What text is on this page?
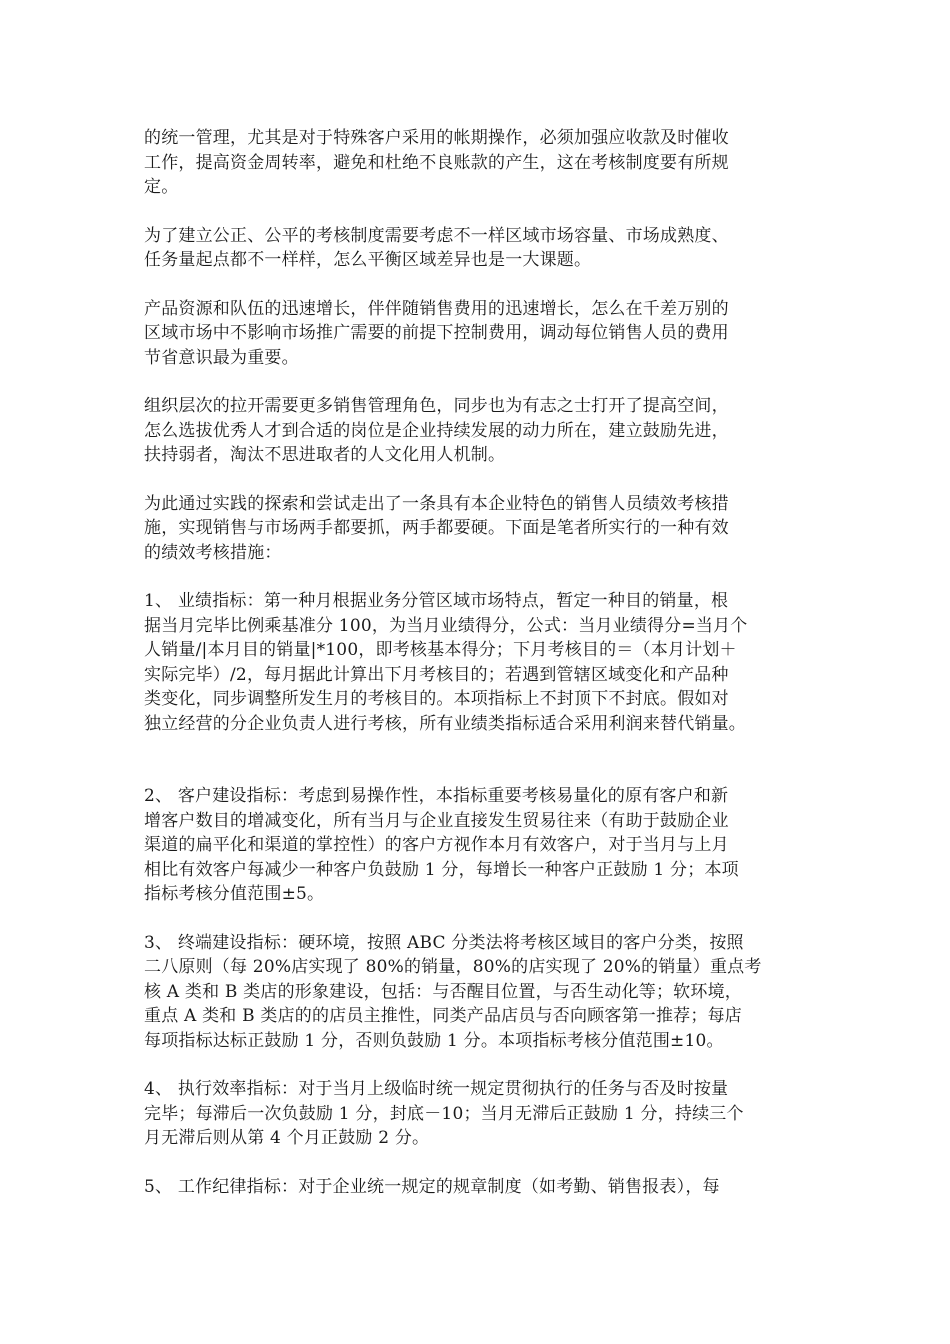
的统一管理，尤其是对于特殊客户采用的帐期操作，必须加强应收款及时催收
工作，提高资金周转率，避免和杜绝不良账款的产生，这在考核制度要有所规
定。
为了建立公正、公平的考核制度需要考虑不一样区域市场容量、市场成熟度、
任务量起点都不一样样，怎么平衡区域差异也是一大课题。
产品资源和队伍的迅速增长，伴伴随销售费用的迅速增长，怎么在千差万别的
区域市场中不影响市场推广需要的前提下控制费用，调动每位销售人员的费用
节省意识最为重要。
组织层次的拉开需要更多销售管理角色，同步也为有志之士打开了提高空间，
怎么选拔优秀人才到合适的岗位是企业持续发展的动力所在，建立鼓励先进，
扶持弱者，淘汰不思进取者的人文化用人机制。
为此通过实践的探索和尝试走出了一条具有本企业特色的销售人员绩效考核措
施，实现销售与市场两手都要抓，两手都要硬。下面是笔者所实行的一种有效
的绩效考核措施：
1、 业绩指标：第一种月根据业务分管区域市场特点，暂定一种目的销量，根
据当月完毕比例乘基准分 100，为当月业绩得分，公式：当月业绩得分=当月个
人销量/|本月目的销量|*100，即考核基本得分；下月考核目的＝（本月计划＋
实际完毕）/2，每月据此计算出下月考核目的；若遇到管辖区域变化和产品种
类变化，同步调整所发生月的考核目的。本项指标上不封顶下不封底。假如对
独立经营的分企业负责人进行考核，所有业绩类指标适合采用利润来替代销量。
2、 客户建设指标：考虑到易操作性，本指标重要考核易量化的原有客户和新
增客户数目的增减变化，所有当月与企业直接发生贸易往来（有助于鼓励企业
渠道的扁平化和渠道的掌控性）的客户方视作本月有效客户，对于当月与上月
相比有效客户每减少一种客户负鼓励 1 分，每增长一种客户正鼓励 1 分；本项
指标考核分值范围±5。
3、 终端建设指标：硬环境，按照 ABC 分类法将考核区域目的客户分类，按照
二八原则（每 20%店实现了 80%的销量，80%的店实现了 20%的销量）重点考
核 A 类和 B 类店的形象建设，包括：与否醒目位置，与否生动化等；软环境，
重点 A 类和 B 类店的的店员主推性，同类产品店员与否向顾客第一推荐；每店
每项指标达标正鼓励 1 分，否则负鼓励 1 分。本项指标考核分值范围±10。
4、 执行效率指标：对于当月上级临时统一规定贯彻执行的任务与否及时按量
完毕；每滞后一次负鼓励 1 分，封底－10；当月无滞后正鼓励 1 分，持续三个
月无滞后则从第 4 个月正鼓励 2 分。
5、 工作纪律指标：对于企业统一规定的规章制度（如考勤、销售报表），每
